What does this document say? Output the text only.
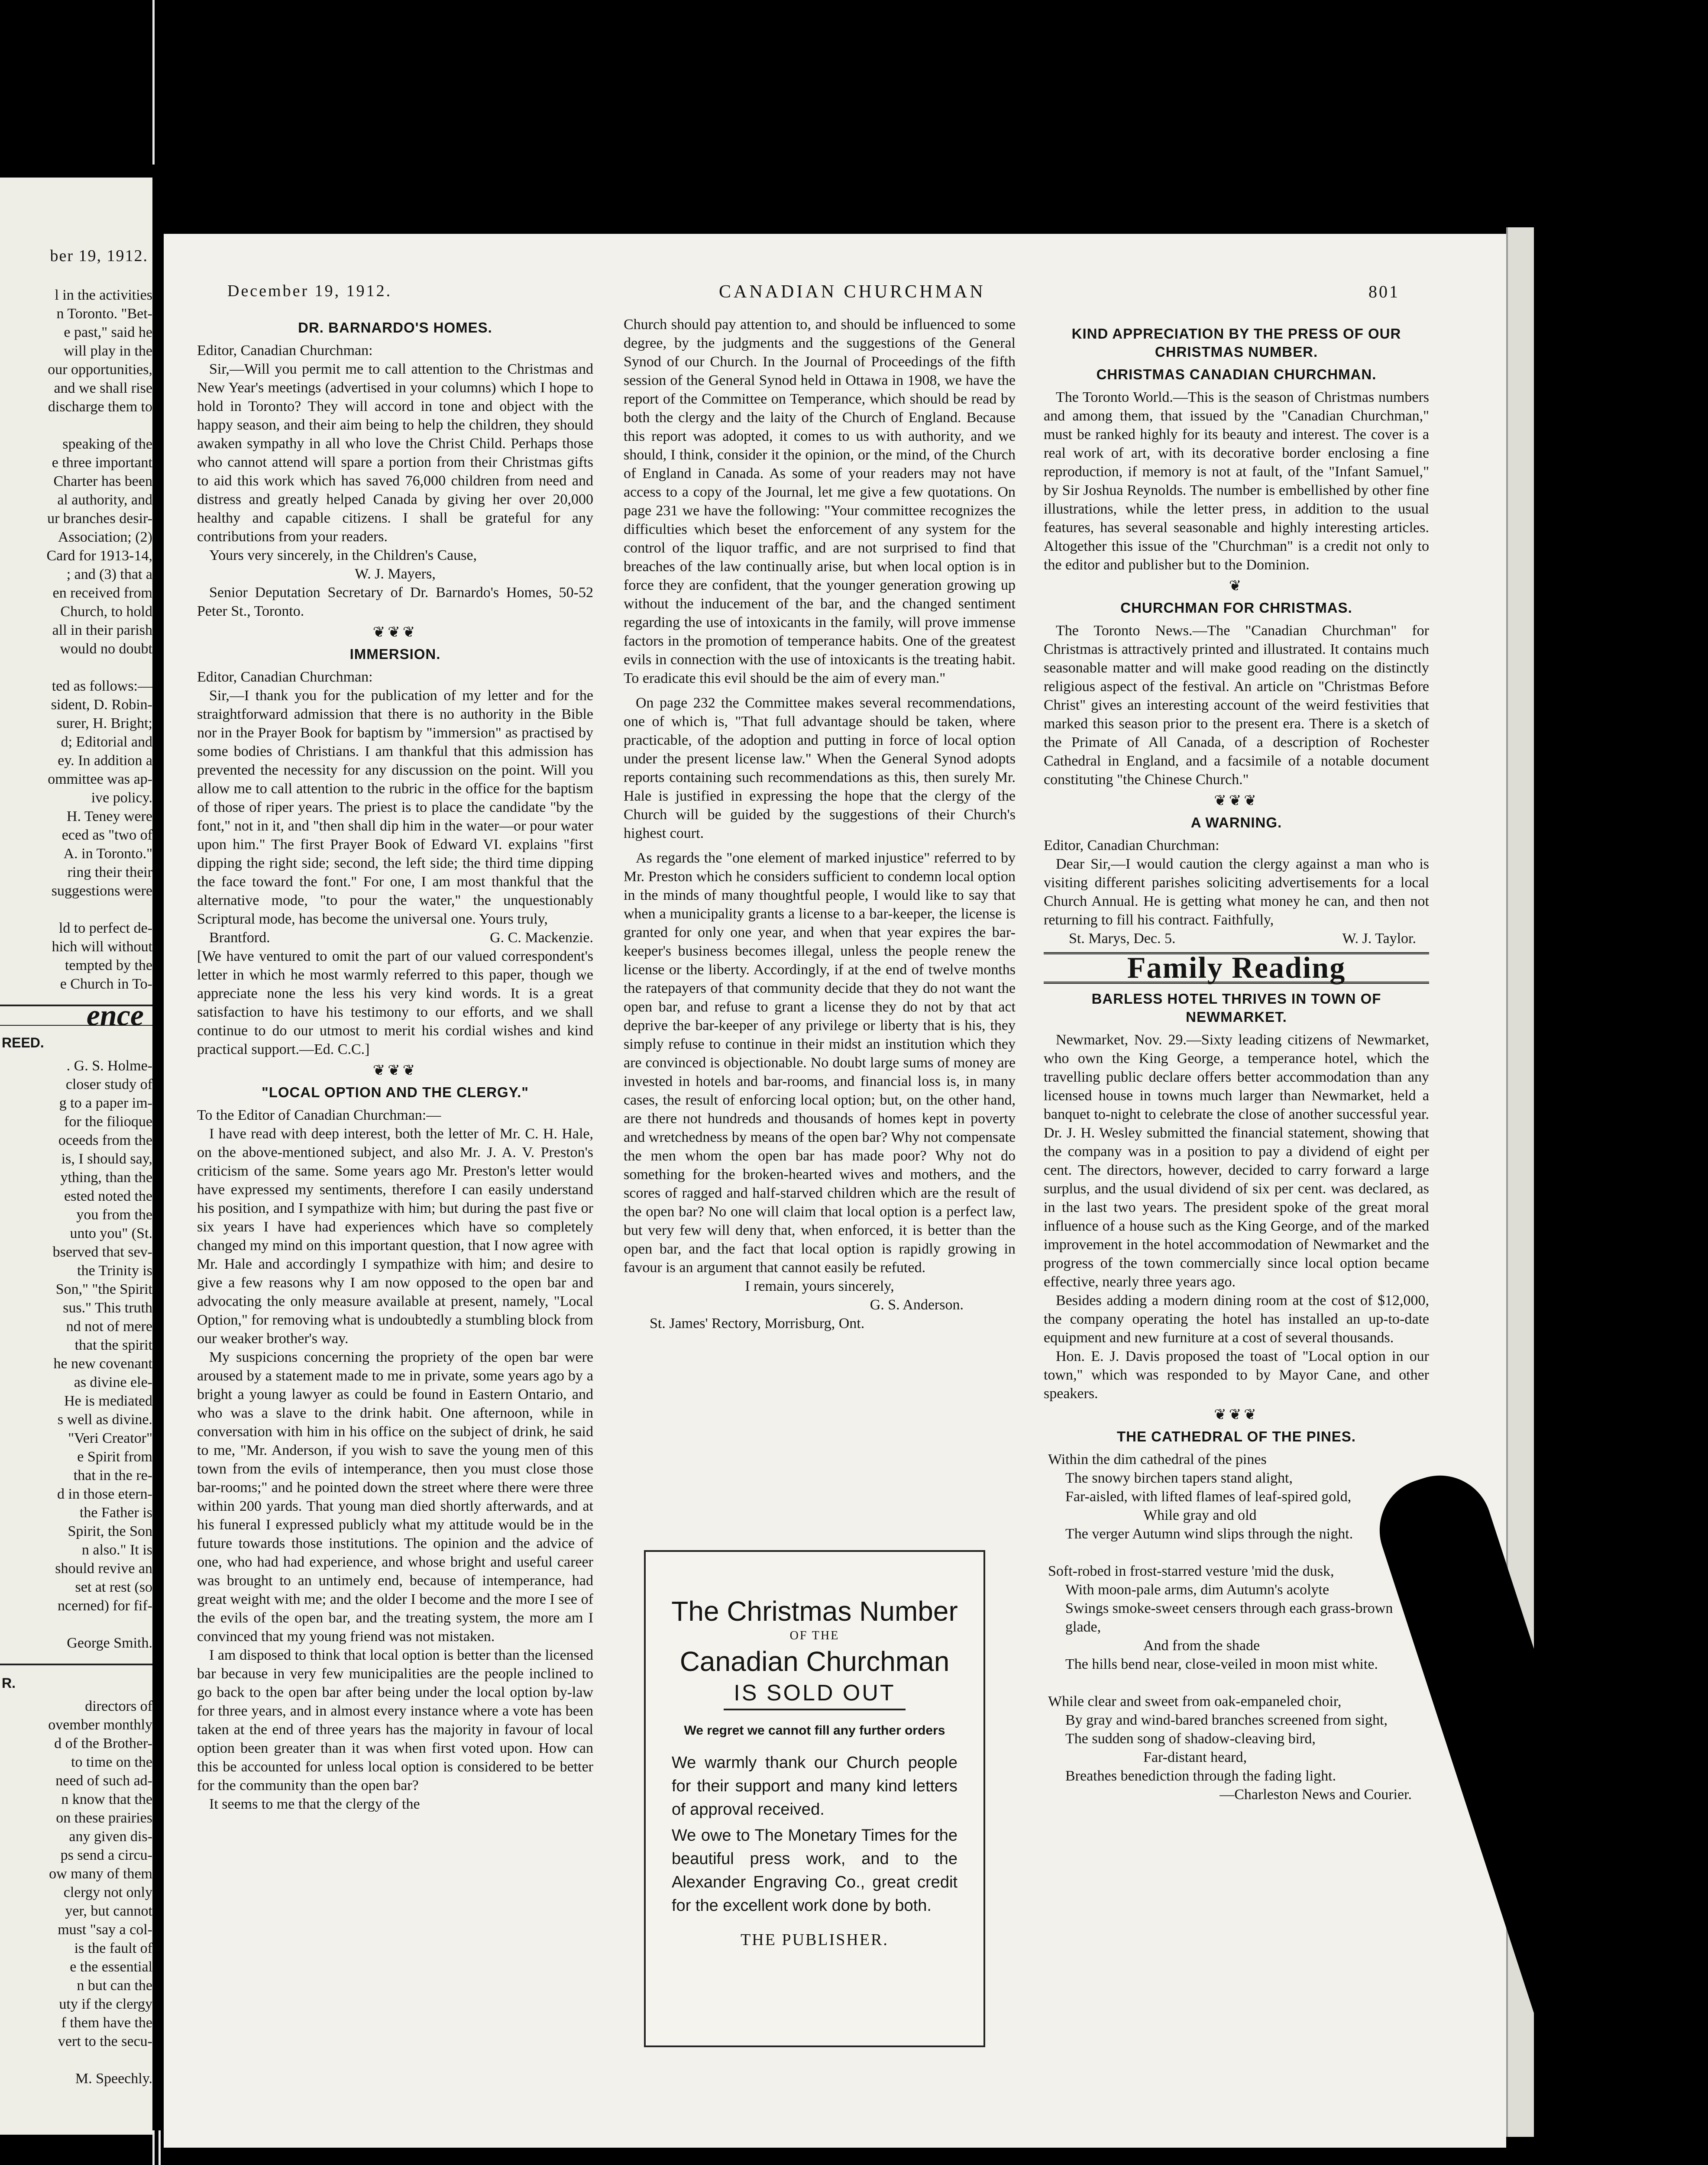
ber 19, 1912.
l in the activities
n Toronto. "Bet-
e past," said he
will play in the
our opportunities,
and we shall rise
discharge them to

speaking of the
e three important
Charter has been
al authority, and
ur branches desir-
Association; (2)
Card for 1913-14,
; and (3) that a
en received from
Church, to hold
all in their parish
would no doubt

ted as follows:—
sident, D. Robin-
surer, H. Bright;
d; Editorial and
ey. In addition a
ommittee was ap-
ive policy.
H. Teney were
eced as "two of
A. in Toronto."
ring their their
suggestions were

ld to perfect de-
hich will without
tempted by the
e Church in To-
ence
REED.
. G. S. Holme-
closer study of
g to a paper im-
for the filioque
oceeds from the
is, I should say,
ything, than the
ested noted the
you from the
unto you" (St.
bserved that sev-
the Trinity is
Son," "the Spirit
sus." This truth
nd not of mere
that the spirit
he new covenant
as divine ele-
He is mediated
s well as divine.
"Veri Creator"
e Spirit from
that in the re-
d in those etern-
the Father is
Spirit, the Son
n also." It is
should revive an
set at rest (so
ncerned) for fif-

George Smith.
R.
directors of
ovember monthly
d of the Brother-
to time on the
need of such ad-
n know that the
on these prairies
any given dis-
ps send a circu-
ow many of them
clergy not only
yer, but cannot
must "say a col-
is the fault of
e the essential
n but can the
uty if the clergy
f them have the
vert to the secu-

M. Speechly.
December 19, 1912.	CANADIAN CHURCHMAN	801
DR. BARNARDO'S HOMES.

Editor, Canadian Churchman:

Sir,—Will you permit me to call attention to the Christmas and New Year's meetings (advertised in your columns) which I hope to hold in Toronto? They will accord in tone and object with the happy season, and their aim being to help the children, they should awaken sympathy in all who love the Christ Child. Perhaps those who cannot attend will spare a portion from their Christmas gifts to aid this work which has saved 76,000 children from need and distress and greatly helped Canada by giving her over 20,000 healthy and capable citizens. I shall be grateful for any contributions from your readers.

Yours very sincerely, in the Children's Cause,

W. J. Mayers,

Senior Deputation Secretary of Dr. Barnardo's Homes, 50-52 Peter St., Toronto.

❦❦❦
IMMERSION.

Editor, Canadian Churchman:

Sir,—I thank you for the publication of my letter and for the straightforward admission that there is no authority in the Bible nor in the Prayer Book for baptism by "immersion" as practised by some bodies of Christians. I am thankful that this admission has prevented the necessity for any discussion on the point. Will you allow me to call attention to the rubric in the office for the baptism of those of riper years. The priest is to place the candidate "by the font," not in it, and "then shall dip him in the water—or pour water upon him." The first Prayer Book of Edward VI. explains "first dipping the right side; second, the left side; the third time dipping the face toward the font." For one, I am most thankful that the alternative mode, "to pour the water," the unquestionably Scriptural mode, has become the universal one. Yours truly,

Brantford.	G. C. Mackenzie.

[We have ventured to omit the part of our valued correspondent's letter in which he most warmly referred to this paper, though we appreciate none the less his very kind words. It is a great satisfaction to have his testimony to our efforts, and we shall continue to do our utmost to merit his cordial wishes and kind practical support.—Ed. C.C.]

❦❦❦
"LOCAL OPTION AND THE CLERGY."

To the Editor of Canadian Churchman:—

I have read with deep interest, both the letter of Mr. C. H. Hale, on the above-mentioned subject, and also Mr. J. A. V. Preston's criticism of the same. Some years ago Mr. Preston's letter would have expressed my sentiments, therefore I can easily understand his position, and I sympathize with him; but during the past five or six years I have had experiences which have so completely changed my mind on this important question, that I now agree with Mr. Hale and accordingly I sympathize with him; and desire to give a few reasons why I am now opposed to the open bar and advocating the only measure available at present, namely, "Local Option," for removing what is undoubtedly a stumbling block from our weaker brother's way.

My suspicions concerning the propriety of the open bar were aroused by a statement made to me in private, some years ago by a bright a young lawyer as could be found in Eastern Ontario, and who was a slave to the drink habit. One afternoon, while in conversation with him in his office on the subject of drink, he said to me, "Mr. Anderson, if you wish to save the young men of this town from the evils of intemperance, then you must close those bar-rooms;" and he pointed down the street where there were three within 200 yards. That young man died shortly afterwards, and at his funeral I expressed publicly what my attitude would be in the future towards those institutions. The opinion and the advice of one, who had had experience, and whose bright and useful career was brought to an untimely end, because of intemperance, had great weight with me; and the older I become and the more I see of the evils of the open bar, and the treating system, the more am I convinced that my young friend was not mistaken.

I am disposed to think that local option is better than the licensed bar because in very few municipalities are the people inclined to go back to the open bar after being under the local option by-law for three years, and in almost every instance where a vote has been taken at the end of three years has the majority in favour of local option been greater than it was when first voted upon. How can this be accounted for unless local option is considered to be better for the community than the open bar?

It seems to me that the clergy of the

Church should pay attention to, and should be influenced to some degree, by the judgments and the suggestions of the General Synod of our Church. In the Journal of Proceedings of the fifth session of the General Synod held in Ottawa in 1908, we have the report of the Committee on Temperance, which should be read by both the clergy and the laity of the Church of England. Because this report was adopted, it comes to us with authority, and we should, I think, consider it the opinion, or the mind, of the Church of England in Canada. As some of your readers may not have access to a copy of the Journal, let me give a few quotations. On page 231 we have the following: "Your committee recognizes the difficulties which beset the enforcement of any system for the control of the liquor traffic, and are not surprised to find that breaches of the law continually arise, but when local option is in force they are confident, that the younger generation growing up without the inducement of the bar, and the changed sentiment regarding the use of intoxicants in the family, will prove immense factors in the promotion of temperance habits. One of the greatest evils in connection with the use of intoxicants is the treating habit. To eradicate this evil should be the aim of every man."

On page 232 the Committee makes several recommendations, one of which is, "That full advantage should be taken, where practicable, of the adoption and putting in force of local option under the present license law." When the General Synod adopts reports containing such recommendations as this, then surely Mr. Hale is justified in expressing the hope that the clergy of the Church will be guided by the suggestions of their Church's highest court.

As regards the "one element of marked injustice" referred to by Mr. Preston which he considers sufficient to condemn local option in the minds of many thoughtful people, I would like to say that when a municipality grants a license to a bar-keeper, the license is granted for only one year, and when that year expires the bar-keeper's business becomes illegal, unless the people renew the license or the liberty. Accordingly, if at the end of twelve months the ratepayers of that community decide that they do not want the open bar, and refuse to grant a license they do not by that act deprive the bar-keeper of any privilege or liberty that is his, they simply refuse to continue in their midst an institution which they are convinced is objectionable. No doubt large sums of money are invested in hotels and bar-rooms, and financial loss is, in many cases, the result of enforcing local option; but, on the other hand, are there not hundreds and thousands of homes kept in poverty and wretchedness by means of the open bar? Why not compensate the men whom the open bar has made poor? Why not do something for the broken-hearted wives and mothers, and the scores of ragged and half-starved children which are the result of the open bar? No one will claim that local option is a perfect law, but very few will deny that, when enforced, it is better than the open bar, and the fact that local option is rapidly growing in favour is an argument that cannot easily be refuted.

I remain, yours sincerely,

G. S. Anderson.

St. James' Rectory, Morrisburg, Ont.

The Christmas Number
OF THE
Canadian Churchman
IS SOLD OUT
We regret we cannot fill any further orders
We warmly thank our Church people for their support and many kind letters of approval received.
We owe to The Monetary Times for the beautiful press work, and to the Alexander Engraving Co., great credit for the excellent work done by both.
THE PUBLISHER.
KIND APPRECIATION BY THE PRESS OF OUR CHRISTMAS NUMBER.
CHRISTMAS CANADIAN CHURCHMAN.

The Toronto World.—This is the season of Christmas numbers and among them, that issued by the "Canadian Churchman," must be ranked highly for its beauty and interest. The cover is a real work of art, with its decorative border enclosing a fine reproduction, if memory is not at fault, of the "Infant Samuel," by Sir Joshua Reynolds. The number is embellished by other fine illustrations, while the letter press, in addition to the usual features, has several seasonable and highly interesting articles. Altogether this issue of the "Churchman" is a credit not only to the editor and publisher but to the Dominion.

❦
CHURCHMAN FOR CHRISTMAS.

The Toronto News.—The "Canadian Churchman" for Christmas is attractively printed and illustrated. It contains much seasonable matter and will make good reading on the distinctly religious aspect of the festival. An article on "Christmas Before Christ" gives an interesting account of the weird festivities that marked this season prior to the present era. There is a sketch of the Primate of All Canada, of a description of Rochester Cathedral in England, and a facsimile of a notable document constituting "the Chinese Church."

❦❦❦
A WARNING.

Editor, Canadian Churchman:

Dear Sir,—I would caution the clergy against a man who is visiting different parishes soliciting advertisements for a local Church Annual. He is getting what money he can, and then not returning to fill his contract. Faithfully,

St. Marys, Dec. 5.	W. J. Taylor.

Family Reading
BARLESS HOTEL THRIVES IN TOWN OF NEWMARKET.

Newmarket, Nov. 29.—Sixty leading citizens of Newmarket, who own the King George, a temperance hotel, which the travelling public declare offers better accommodation than any licensed house in towns much larger than Newmarket, held a banquet to-night to celebrate the close of another successful year. Dr. J. H. Wesley submitted the financial statement, showing that the company was in a position to pay a dividend of eight per cent. The directors, however, decided to carry forward a large surplus, and the usual dividend of six per cent. was declared, as in the last two years. The president spoke of the great moral influence of a house such as the King George, and of the marked improvement in the hotel accommodation of Newmarket and the progress of the town commercially since local option became effective, nearly three years ago.

Besides adding a modern dining room at the cost of $12,000, the company operating the hotel has installed an up-to-date equipment and new furniture at a cost of several thousands.

Hon. E. J. Davis proposed the toast of "Local option in our town," which was responded to by Mayor Cane, and other speakers.

❦❦❦
THE CATHEDRAL OF THE PINES.
Within the dim cathedral of the pines
The snowy birchen tapers stand alight,
Far-aisled, with lifted flames of leaf-spired gold,
While gray and old
The verger Autumn wind slips through the night.

Soft-robed in frost-starred vesture 'mid the dusk,
With moon-pale arms, dim Autumn's acolyte
Swings smoke-sweet censers through each grass-brown glade,
And from the shade
The hills bend near, close-veiled in moon mist white.

While clear and sweet from oak-empaneled choir,
By gray and wind-bared branches screened from sight,
The sudden song of shadow-cleaving bird,
Far-distant heard,
Breathes benediction through the fading light.

—Charleston News and Courier.
